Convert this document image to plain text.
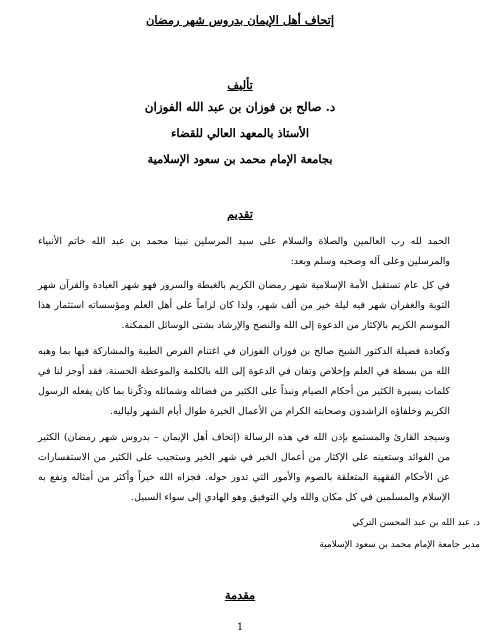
إتحاف أهل الإيمان بدروس شهر رمضان
تأليف
د. صالح بن فوزان بن عبد الله الفوزان
الأستاذ بالمعهد العالي للقضاء
بجامعة الإمام محمد بن سعود الإسلامية
تقديم

الحمد لله رب العالمين والصلاة والسلام على سيد المرسلين نبينا محمد بن عبد الله خاتم الأنبياء والمرسلين وعلى آله وصحبه وسلم وبعد:

في كل عام تستقبل الأمة الإسلامية شهر رمضان الكريم بالغبطة والسرور فهو شهر العبادة والقرآن شهر التوبة والغفران شهر فيه ليلة خير من ألف شهر، ولذا كان لزاماً على أهل العلم ومؤسساته استثمار هذا الموسم الكريم بالإكثار من الدعوة إلى الله والنصح والإرشاد بشتى الوسائل الممكنة.

وكعادة فضيلة الدكتور الشيخ صالح بن فوزان الفوزان في اغتنام الفرص الطيبة والمشاركة فيها بما وهبه الله من بسطة في العلم وإخلاص وتفان في الدعوة إلى الله بالكلمة والموعظة الحسنة. فقد أوجز لنا في كلمات يسيرة الكثير من أحكام الصيام ونبذاً على الكثير من فضائله وشمائله وذكّرنا بما كان يفعله الرسول الكريم وخلفاؤه الراشدون وصحابته الكرام من الأعمال الخيرة طوال أيام الشهر ولياليه.

وسيجد القارئ والمستمع بإذن الله في هذه الرسالة (إتحاف أهل الإيمان – بدروس شهر رمضان) الكثير من الفوائد وستعينه على الإكثار من أعمال الخير في شهر الخير وستجيب على الكثير من الاستفسارات عن الأحكام الفقهية المتعلقة بالصوم والأمور التي تدور حوله. فجزاه الله خيراً وأكثر من أمثاله ونفع به الإسلام والمسلمين في كل مكان والله ولي التوفيق وهو الهادي إلى سواء السبيل.

د. عبد الله بن عبد المحسن التركي
مدير جامعة الإمام محمد بن سعود الإسلامية
مقدمة
1
